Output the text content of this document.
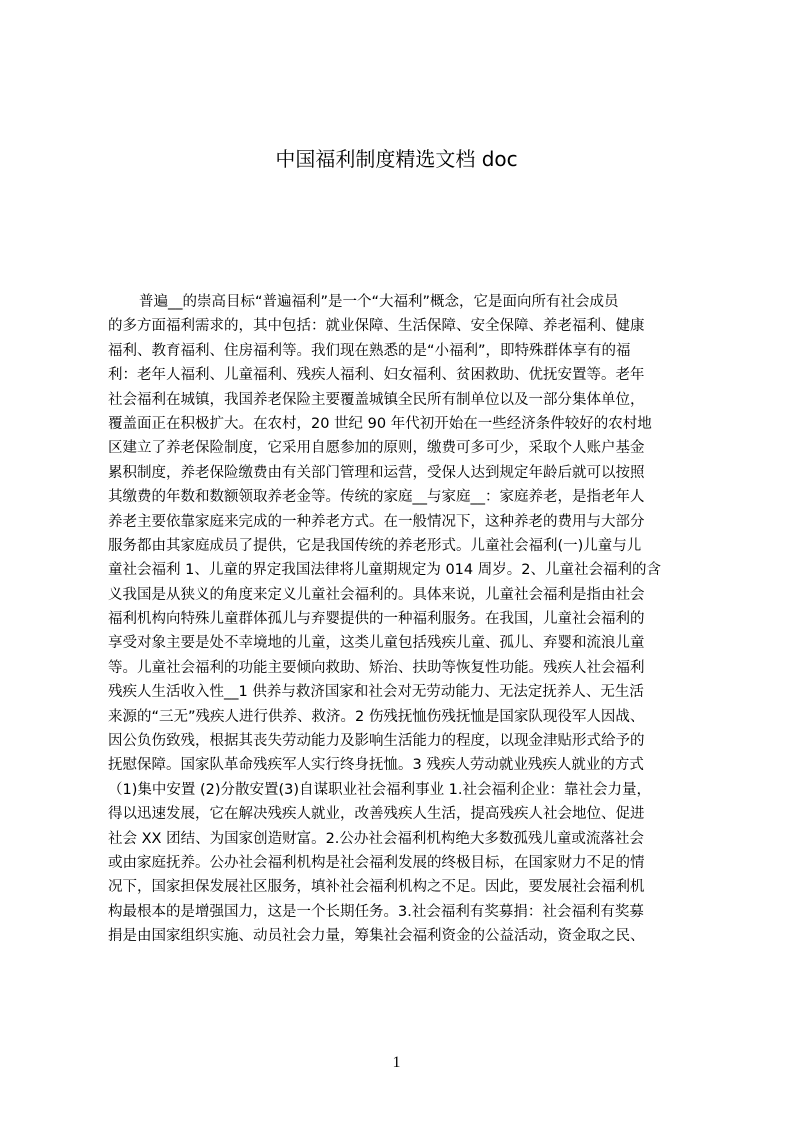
中国福利制度精选文档 doc
普遍__的崇高目标“普遍福利”是一个“大福利”概念，它是面向所有社会成员
的多方面福利需求的，其中包括：就业保障、生活保障、安全保障、养老福利、健康
福利、教育福利、住房福利等。我们现在熟悉的是“小福利”，即特殊群体享有的福
利：老年人福利、儿童福利、残疾人福利、妇女福利、贫困救助、优抚安置等。老年
社会福利在城镇，我国养老保险主要覆盖城镇全民所有制单位以及一部分集体单位，
覆盖面正在积极扩大。在农村，20 世纪 90 年代初开始在一些经济条件较好的农村地
区建立了养老保险制度，它采用自愿参加的原则，缴费可多可少，采取个人账户基金
累积制度，养老保险缴费由有关部门管理和运营，受保人达到规定年龄后就可以按照
其缴费的年数和数额领取养老金等。传统的家庭__与家庭__：家庭养老，是指老年人
养老主要依靠家庭来完成的一种养老方式。在一般情况下，这种养老的费用与大部分
服务都由其家庭成员了提供，它是我国传统的养老形式。儿童社会福利(一)儿童与儿
童社会福利 1、儿童的界定我国法律将儿童期规定为 014 周岁。2、儿童社会福利的含
义我国是从狭义的角度来定义儿童社会福利的。具体来说，儿童社会福利是指由社会
福利机构向特殊儿童群体孤儿与弃婴提供的一种福利服务。在我国，儿童社会福利的
享受对象主要是处不幸境地的儿童，这类儿童包括残疾儿童、孤儿、弃婴和流浪儿童
等。儿童社会福利的功能主要倾向救助、矫治、扶助等恢复性功能。残疾人社会福利
残疾人生活收入性__1 供养与救济国家和社会对无劳动能力、无法定抚养人、无生活
来源的“三无”残疾人进行供养、救济。2 伤残抚恤伤残抚恤是国家队现役军人因战、
因公负伤致残，根据其丧失劳动能力及影响生活能力的程度，以现金津贴形式给予的
抚慰保障。国家队革命残疾军人实行终身抚恤。3 残疾人劳动就业残疾人就业的方式
（1)集中安置 (2)分散安置(3)自谋职业社会福利事业 1.社会福利企业：靠社会力量，
得以迅速发展，它在解决残疾人就业，改善残疾人生活，提高残疾人社会地位、促进
社会 XX 团结、为国家创造财富。2.公办社会福利机构绝大多数孤残儿童或流落社会
或由家庭抚养。公办社会福利机构是社会福利发展的终极目标，在国家财力不足的情
况下，国家担保发展社区服务，填补社会福利机构之不足。因此，要发展社会福利机
构最根本的是增强国力，这是一个长期任务。3.社会福利有奖募捐：社会福利有奖募
捐是由国家组织实施、动员社会力量，筹集社会福利资金的公益活动，资金取之民、
1
